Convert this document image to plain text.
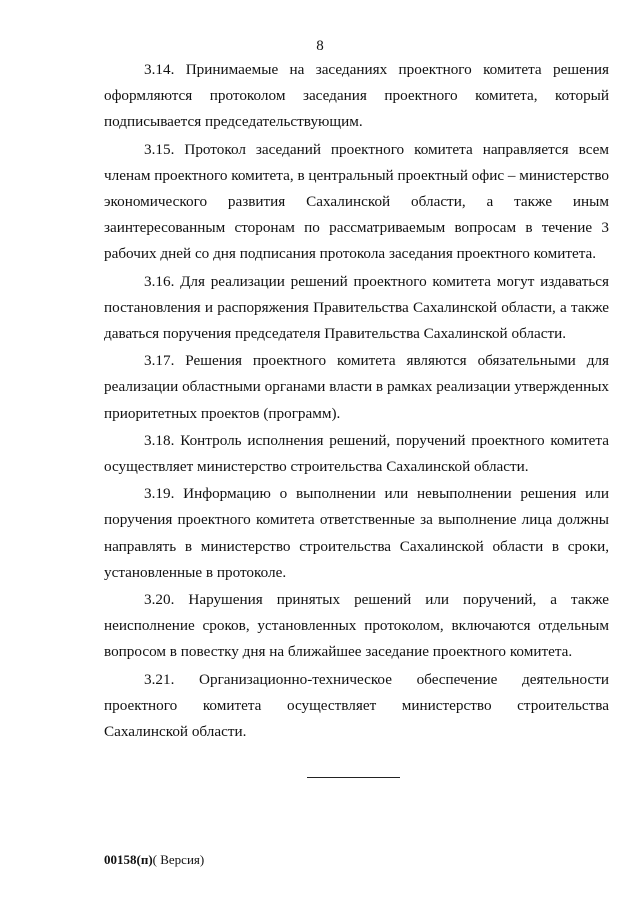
8

3.14. Принимаемые на заседаниях проектного комитета решения оформляются протоколом заседания проектного комитета, который подписывается председательствующим.

3.15. Протокол заседаний проектного комитета направляется всем членам проектного комитета, в центральный проектный офис – министерство экономического развития Сахалинской области, а также иным заинтересованным сторонам по рассматриваемым вопросам в течение 3 рабочих дней со дня подписания протокола заседания проектного комитета.

3.16. Для реализации решений проектного комитета могут издаваться постановления и распоряжения Правительства Сахалинской области, а также даваться поручения председателя Правительства Сахалинской области.

3.17. Решения проектного комитета являются обязательными для реализации областными органами власти в рамках реализации утвержденных приоритетных проектов (программ).

3.18. Контроль исполнения решений, поручений проектного комитета осуществляет министерство строительства Сахалинской области.

3.19. Информацию о выполнении или невыполнении решения или поручения проектного комитета ответственные за выполнение лица должны направлять в министерство строительства Сахалинской области в сроки, установленные в протоколе.

3.20. Нарушения принятых решений или поручений, а также неисполнение сроков, установленных протоколом, включаются отдельным вопросом в повестку дня на ближайшее заседание проектного комитета.

3.21. Организационно-техническое обеспечение деятельности проектного комитета осуществляет министерство строительства Сахалинской области.

00158(п)( Версия)
